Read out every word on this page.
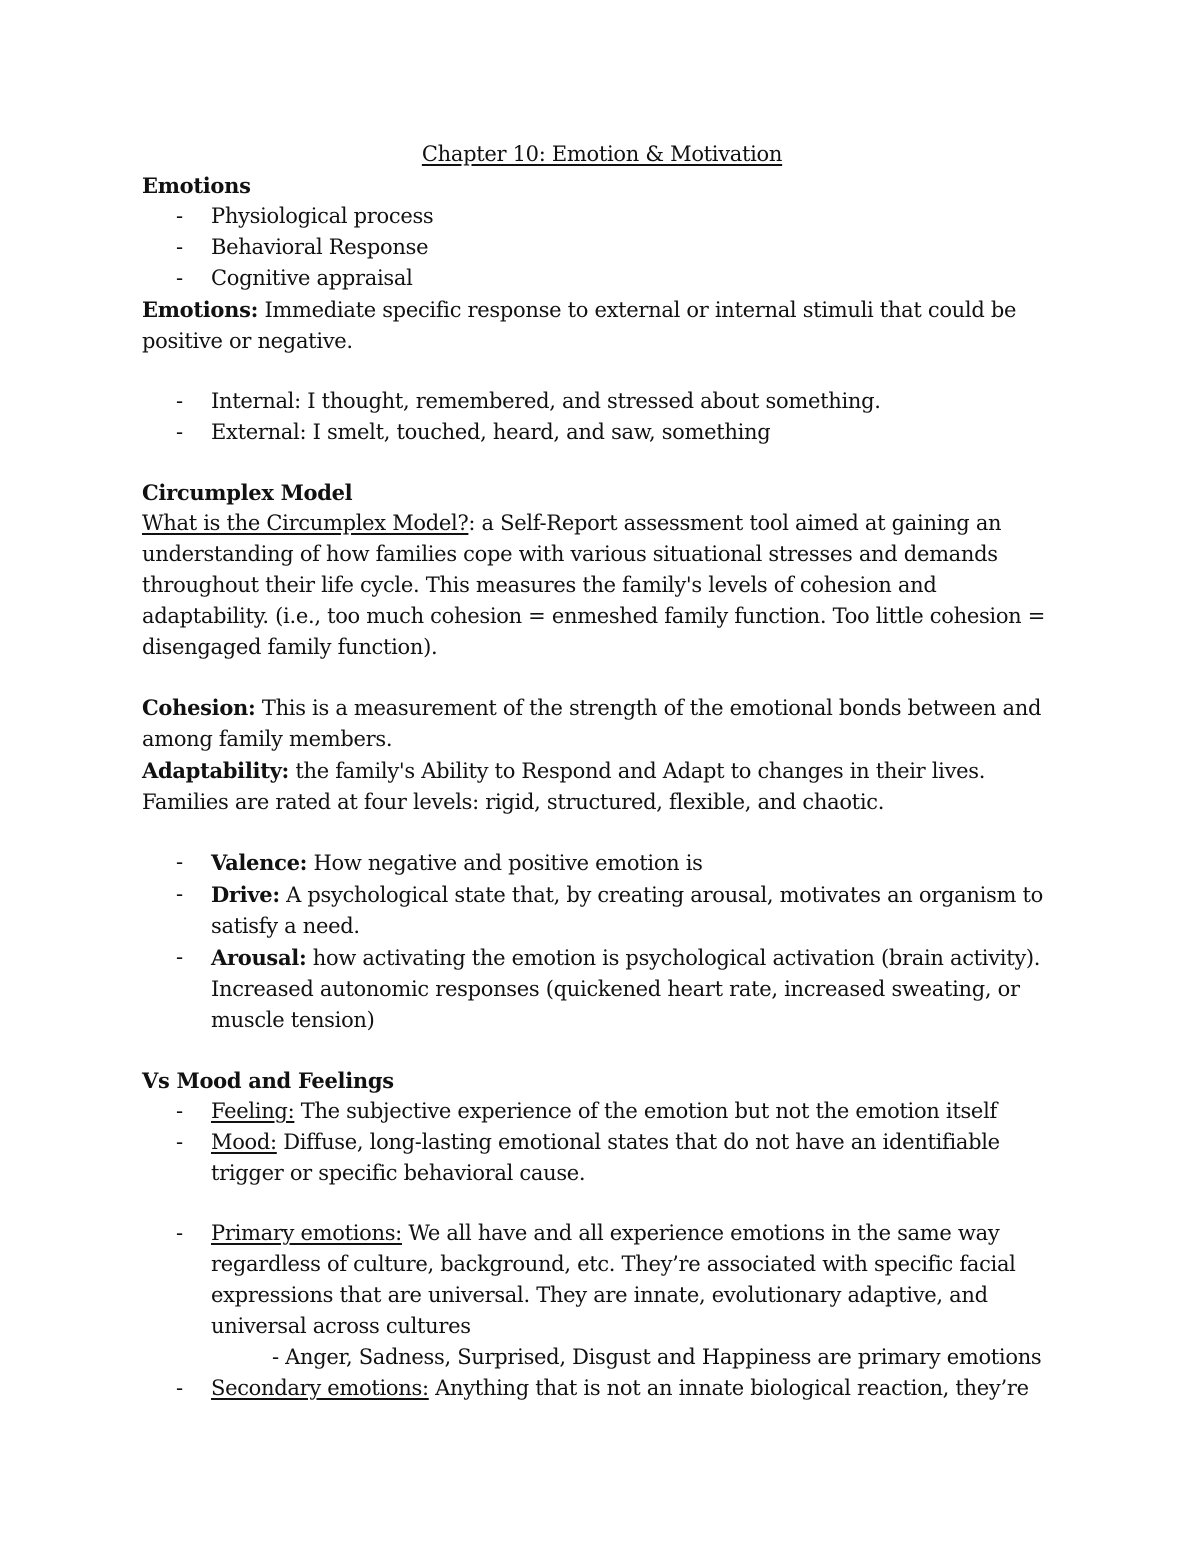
Chapter 10: Emotion & Motivation
Emotions
- Physiological process
- Behavioral Response
- Cognitive appraisal

Emotions: Immediate specific response to external or internal stimuli that could be positive or negative.

- Internal: I thought, remembered, and stressed about something.
- External: I smelt, touched, heard, and saw, something
Circumplex Model

What is the Circumplex Model?: a Self-Report assessment tool aimed at gaining an understanding of how families cope with various situational stresses and demands throughout their life cycle. This measures the family's levels of cohesion and adaptability. (i.e., too much cohesion = enmeshed family function. Too little cohesion = disengaged family function).

Cohesion: This is a measurement of the strength of the emotional bonds between and among family members.

Adaptability: the family's Ability to Respond and Adapt to changes in their lives. Families are rated at four levels: rigid, structured, flexible, and chaotic.

- Valence: How negative and positive emotion is
- Drive: A psychological state that, by creating arousal, motivates an organism to satisfy a need.
- Arousal: how activating the emotion is psychological activation (brain activity). Increased autonomic responses (quickened heart rate, increased sweating, or muscle tension)
Vs Mood and Feelings
- Feeling: The subjective experience of the emotion but not the emotion itself
- Mood: Diffuse, long-lasting emotional states that do not have an identifiable trigger or specific behavioral cause.
- Primary emotions: We all have and all experience emotions in the same way regardless of culture, background, etc. They’re associated with specific facial expressions that are universal. They are innate, evolutionary adaptive, and universal across cultures
- Anger, Sadness, Surprised, Disgust and Happiness are primary emotions
- Secondary emotions: Anything that is not an innate biological reaction, they’re
